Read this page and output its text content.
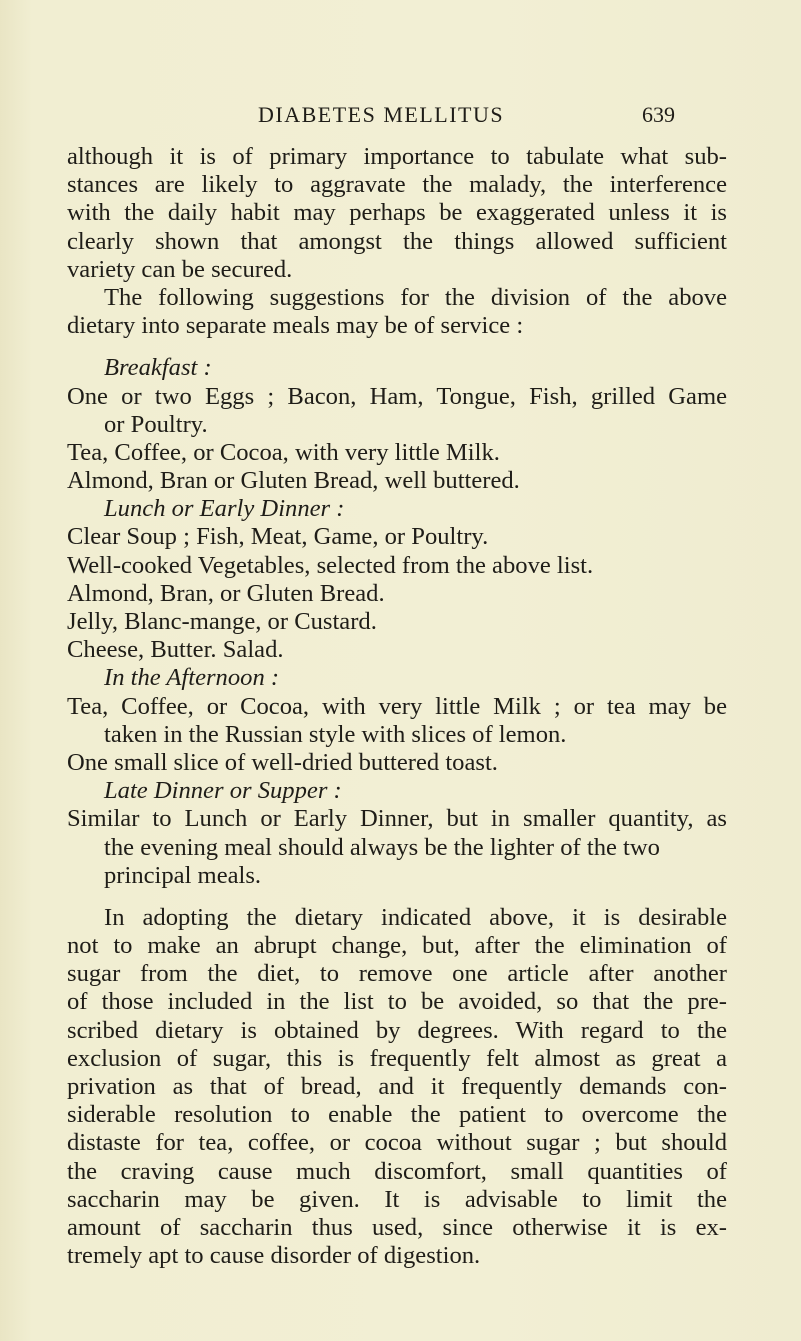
DIABETES MELLITUS	639
although it is of primary importance to tabulate what sub-
stances are likely to aggravate the malady, the interference
with the daily habit may perhaps be exaggerated unless it is
clearly shown that amongst the things allowed sufficient
variety can be secured.
The following suggestions for the division of the above
dietary into separate meals may be of service :
Breakfast :
One or two Eggs ; Bacon, Ham, Tongue, Fish, grilled Game
or Poultry.
Tea, Coffee, or Cocoa, with very little Milk.
Almond, Bran or Gluten Bread, well buttered.
Lunch or Early Dinner :
Clear Soup ; Fish, Meat, Game, or Poultry.
Well-cooked Vegetables, selected from the above list.
Almond, Bran, or Gluten Bread.
Jelly, Blanc-mange, or Custard.
Cheese, Butter. Salad.
In the Afternoon :
Tea, Coffee, or Cocoa, with very little Milk ; or tea may be
taken in the Russian style with slices of lemon.
One small slice of well-dried buttered toast.
Late Dinner or Supper :
Similar to Lunch or Early Dinner, but in smaller quantity, as
the evening meal should always be the lighter of the two
principal meals.
In adopting the dietary indicated above, it is desirable
not to make an abrupt change, but, after the elimination of
sugar from the diet, to remove one article after another
of those included in the list to be avoided, so that the pre-
scribed dietary is obtained by degrees. With regard to the
exclusion of sugar, this is frequently felt almost as great a
privation as that of bread, and it frequently demands con-
siderable resolution to enable the patient to overcome the
distaste for tea, coffee, or cocoa without sugar ; but should
the craving cause much discomfort, small quantities of
saccharin may be given. It is advisable to limit the
amount of saccharin thus used, since otherwise it is ex-
tremely apt to cause disorder of digestion.
